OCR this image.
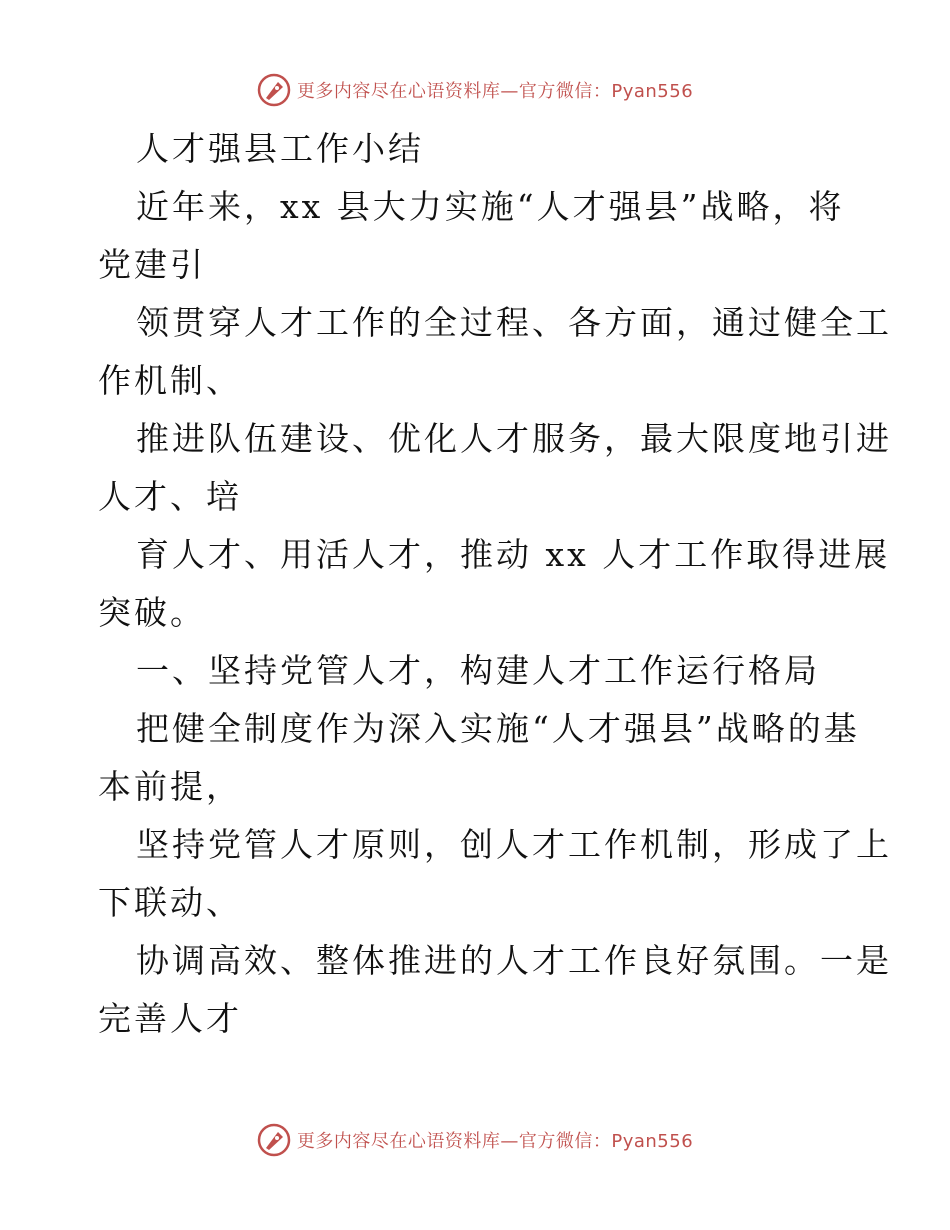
更多内容尽在心语资料库—官方微信：Pyan556

人才强县工作小结

近年来，xx 县大力实施“人才强县”战略，将
党建引

领贯穿人才工作的全过程、各方面，通过健全工
作机制、

推进队伍建设、优化人才服务，最大限度地引进
人才、培

育人才、用活人才，推动 xx 人才工作取得进展
突破。

一、坚持党管人才，构建人才工作运行格局

把健全制度作为深入实施“人才强县”战略的基
本前提，

坚持党管人才原则，创人才工作机制，形成了上
下联动、

协调高效、整体推进的人才工作良好氛围。一是
完善人才

更多内容尽在心语资料库—官方微信：Pyan556
